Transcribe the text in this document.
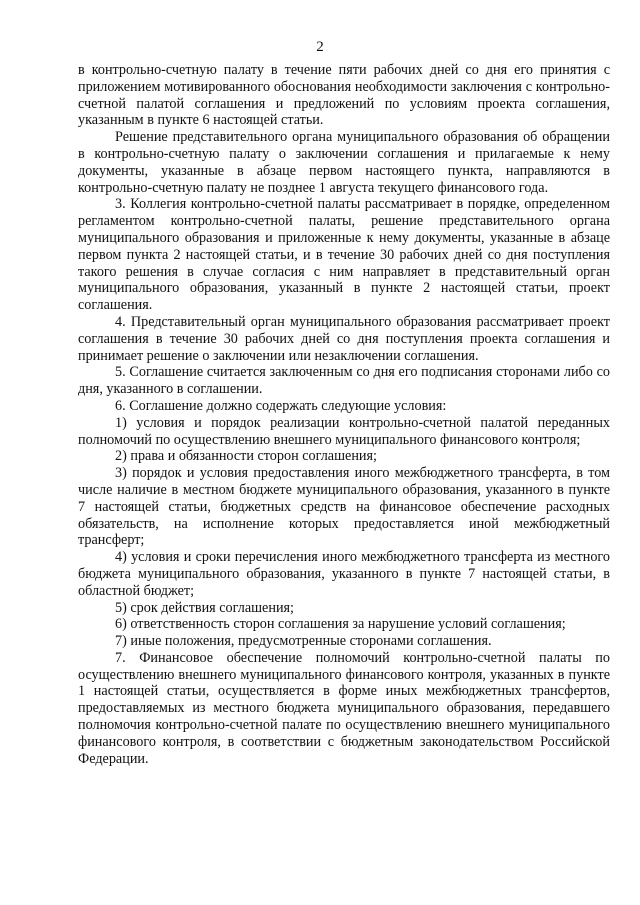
2

в контрольно-счетную палату в течение пяти рабочих дней со дня его принятия с приложением мотивированного обоснования необходимости заключения с контрольно-счетной палатой соглашения и предложений по условиям проекта соглашения, указанным в пункте 6 настоящей статьи.

Решение представительного органа муниципального образования об обращении в контрольно-счетную палату о заключении соглашения и прилагаемые к нему документы, указанные в абзаце первом настоящего пункта, направляются в контрольно-счетную палату не позднее 1 августа текущего финансового года.

3. Коллегия контрольно-счетной палаты рассматривает в порядке, определенном регламентом контрольно-счетной палаты, решение представительного органа муниципального образования и приложенные к нему документы, указанные в абзаце первом пункта 2 настоящей статьи, и в течение 30 рабочих дней со дня поступления такого решения в случае согласия с ним направляет в представительный орган муниципального образования, указанный в пункте 2 настоящей статьи, проект соглашения.

4. Представительный орган муниципального образования рассматривает проект соглашения в течение 30 рабочих дней со дня поступления проекта соглашения и принимает решение о заключении или незаключении соглашения.

5. Соглашение считается заключенным со дня его подписания сторонами либо со дня, указанного в соглашении.

6. Соглашение должно содержать следующие условия:

1) условия и порядок реализации контрольно-счетной палатой переданных полномочий по осуществлению внешнего муниципального финансового контроля;

2) права и обязанности сторон соглашения;

3) порядок и условия предоставления иного межбюджетного трансферта, в том числе наличие в местном бюджете муниципального образования, указанного в пункте 7 настоящей статьи, бюджетных средств на финансовое обеспечение расходных обязательств, на исполнение которых предоставляется иной межбюджетный трансферт;

4) условия и сроки перечисления иного межбюджетного трансферта из местного бюджета муниципального образования, указанного в пункте 7 настоящей статьи, в областной бюджет;

5) срок действия соглашения;

6) ответственность сторон соглашения за нарушение условий соглашения;

7) иные положения, предусмотренные сторонами соглашения.

7. Финансовое обеспечение полномочий контрольно-счетной палаты по осуществлению внешнего муниципального финансового контроля, указанных в пункте 1 настоящей статьи, осуществляется в форме иных межбюджетных трансфертов, предоставляемых из местного бюджета муниципального образования, передавшего полномочия контрольно-счетной палате по осуществлению внешнего муниципального финансового контроля, в соответствии с бюджетным законодательством Российской Федерации.
